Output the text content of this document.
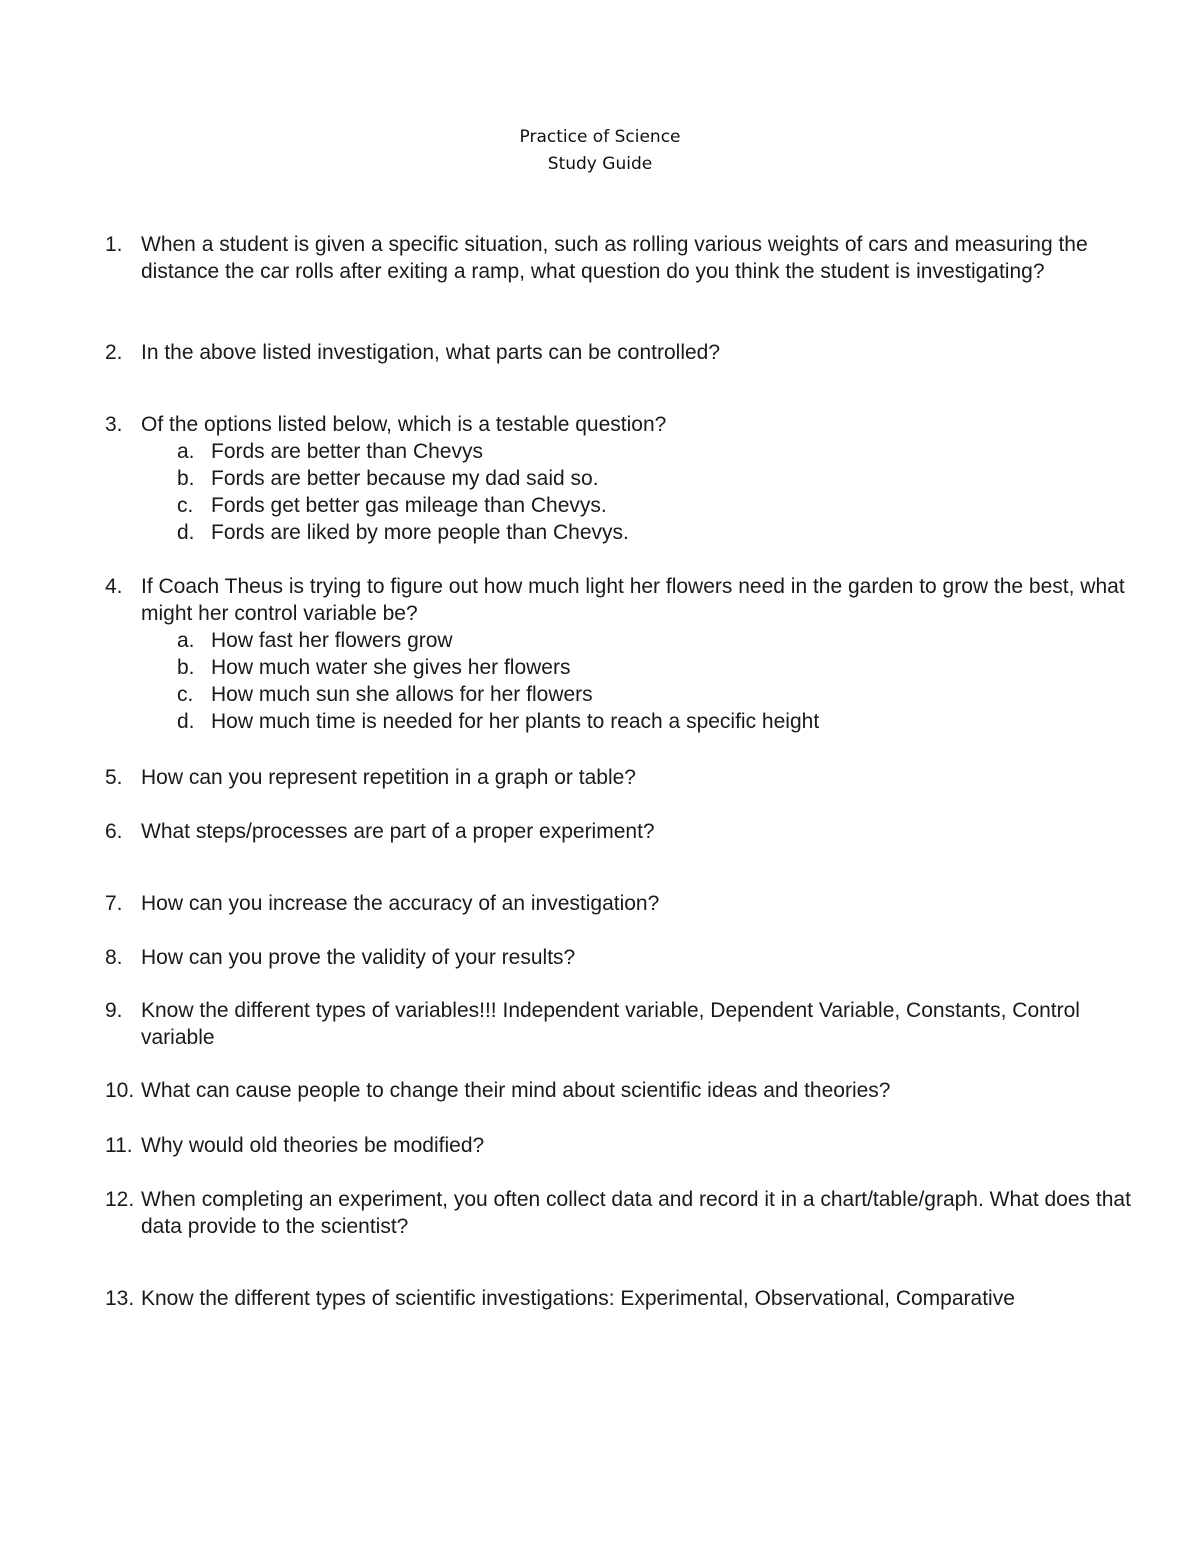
Practice of Science
Study Guide
1. When a student is given a specific situation, such as rolling various weights of cars and measuring the distance the car rolls after exiting a ramp, what question do you think the student is investigating?
2. In the above listed investigation, what parts can be controlled?
3. Of the options listed below, which is a testable question?
a. Fords are better than Chevys
b. Fords are better because my dad said so.
c. Fords get better gas mileage than Chevys.
d. Fords are liked by more people than Chevys.
4. If Coach Theus is trying to figure out how much light her flowers need in the garden to grow the best, what might her control variable be?
a. How fast her flowers grow
b. How much water she gives her flowers
c. How much sun she allows for her flowers
d. How much time is needed for her plants to reach a specific height
5. How can you represent repetition in a graph or table?
6. What steps/processes are part of a proper experiment?
7. How can you increase the accuracy of an investigation?
8. How can you prove the validity of your results?
9. Know the different types of variables!!! Independent variable, Dependent Variable, Constants, Control variable
10. What can cause people to change their mind about scientific ideas and theories?
11. Why would old theories be modified?
12. When completing an experiment, you often collect data and record it in a chart/table/graph. What does that data provide to the scientist?
13. Know the different types of scientific investigations: Experimental, Observational, Comparative
